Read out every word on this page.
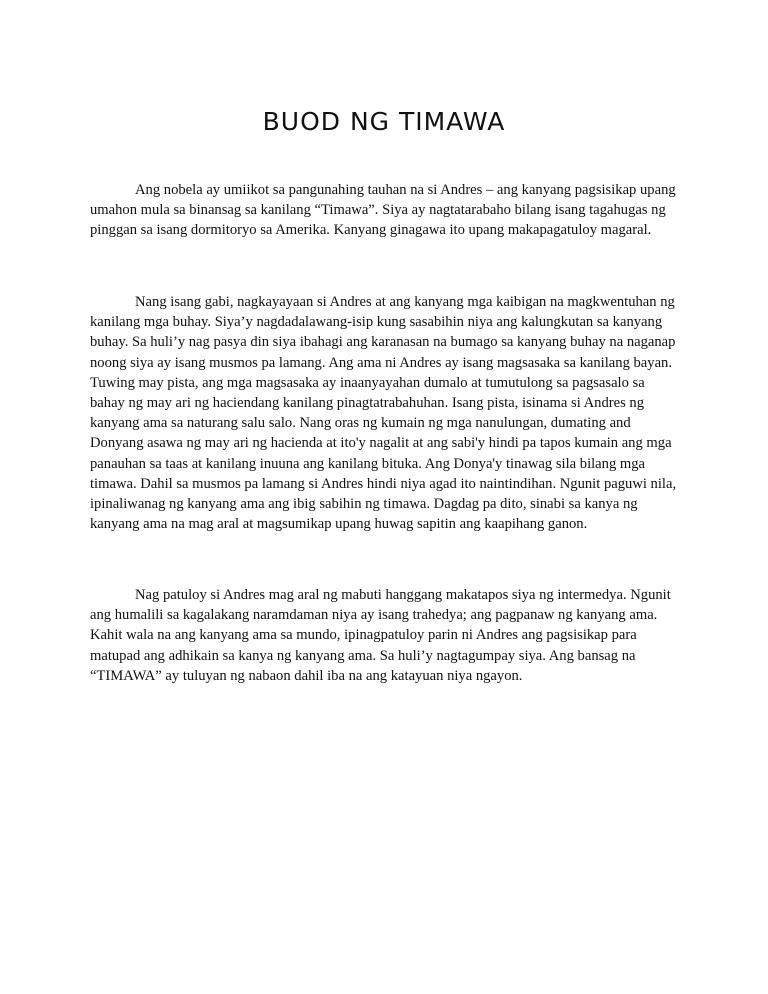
BUOD NG TIMAWA

Ang nobela ay umiikot sa pangunahing tauhan na si Andres – ang kanyang pagsisikap upang umahon mula sa binansag sa kanilang “Timawa”. Siya ay nagtatarabaho bilang isang tagahugas ng pinggan sa isang dormitoryo sa Amerika. Kanyang ginagawa ito upang makapagatuloy magaral.

Nang isang gabi, nagkayayaan si Andres at ang kanyang mga kaibigan na magkwentuhan ng kanilang mga buhay. Siya’y nagdadalawang-isip kung sasabihin niya ang kalungkutan sa kanyang buhay. Sa huli’y nag pasya din siya ibahagi ang karanasan na bumago sa kanyang buhay na naganap noong siya ay isang musmos pa lamang. Ang ama ni Andres ay isang magsasaka sa kanilang bayan. Tuwing may pista, ang mga magsasaka ay inaanyayahan dumalo at tumutulong sa pagsasalo sa bahay ng may ari ng haciendang kanilang pinagtatrabahuhan. Isang pista, isinama si Andres ng kanyang ama sa naturang salu salo. Nang oras ng kumain ng mga nanulungan, dumating and Donyang asawa ng may ari ng hacienda at ito'y nagalit at ang sabi'y hindi pa tapos kumain ang mga panauhan sa taas at kanilang inuuna ang kanilang bituka. Ang Donya'y tinawag sila bilang mga timawa. Dahil sa musmos pa lamang si Andres hindi niya agad ito naintindihan. Ngunit paguwi nila, ipinaliwanag ng kanyang ama ang ibig sabihin ng timawa. Dagdag pa dito, sinabi sa kanya ng kanyang ama na mag aral at magsumikap upang huwag sapitin ang kaapihang ganon.

Nag patuloy si Andres mag aral ng mabuti hanggang makatapos siya ng intermedya. Ngunit ang humalili sa kagalakang naramdaman niya ay isang trahedya; ang pagpanaw ng kanyang ama. Kahit wala na ang kanyang ama sa mundo, ipinagpatuloy parin ni Andres ang pagsisikap para matupad ang adhikain sa kanya ng kanyang ama. Sa huli’y nagtagumpay siya. Ang bansag na “TIMAWA” ay tuluyan ng nabaon dahil iba na ang katayuan niya ngayon.
